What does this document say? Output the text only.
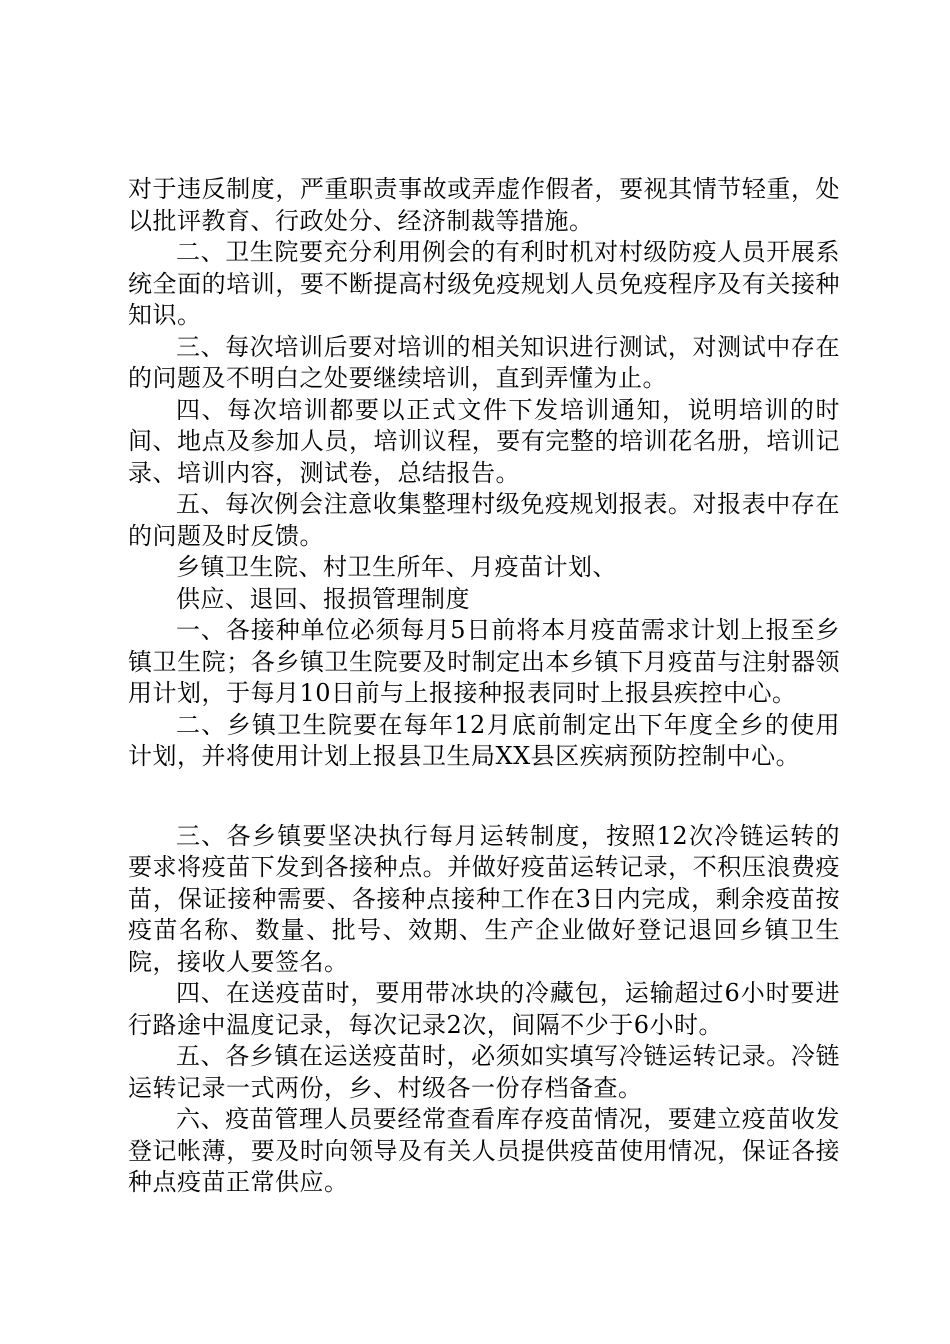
对于违反制度，严重职责事故或弄虚作假者，要视其情节轻重，处以批评教育、行政处分、经济制裁等措施。

二、卫生院要充分利用例会的有利时机对村级防疫人员开展系统全面的培训，要不断提高村级免疫规划人员免疫程序及有关接种知识。

三、每次培训后要对培训的相关知识进行测试，对测试中存在的问题及不明白之处要继续培训，直到弄懂为止。

四、每次培训都要以正式文件下发培训通知，说明培训的时间、地点及参加人员，培训议程，要有完整的培训花名册，培训记录、培训内容，测试卷，总结报告。

五、每次例会注意收集整理村级免疫规划报表。对报表中存在的问题及时反馈。

乡镇卫生院、村卫生所年、月疫苗计划、

供应、退回、报损管理制度

一、各接种单位必须每月5日前将本月疫苗需求计划上报至乡镇卫生院；各乡镇卫生院要及时制定出本乡镇下月疫苗与注射器领用计划，于每月10日前与上报接种报表同时上报县疾控中心。

二、乡镇卫生院要在每年12月底前制定出下年度全乡的使用计划，并将使用计划上报县卫生局XX县区疾病预防控制中心。

三、各乡镇要坚决执行每月运转制度，按照12次冷链运转的要求将疫苗下发到各接种点。并做好疫苗运转记录，不积压浪费疫苗，保证接种需要、各接种点接种工作在3日内完成，剩余疫苗按疫苗名称、数量、批号、效期、生产企业做好登记退回乡镇卫生院，接收人要签名。

四、在送疫苗时，要用带冰块的冷藏包，运输超过6小时要进行路途中温度记录，每次记录2次，间隔不少于6小时。

五、各乡镇在运送疫苗时，必须如实填写冷链运转记录。冷链运转记录一式两份，乡、村级各一份存档备查。

六、疫苗管理人员要经常查看库存疫苗情况，要建立疫苗收发登记帐薄，要及时向领导及有关人员提供疫苗使用情况，保证各接种点疫苗正常供应。
